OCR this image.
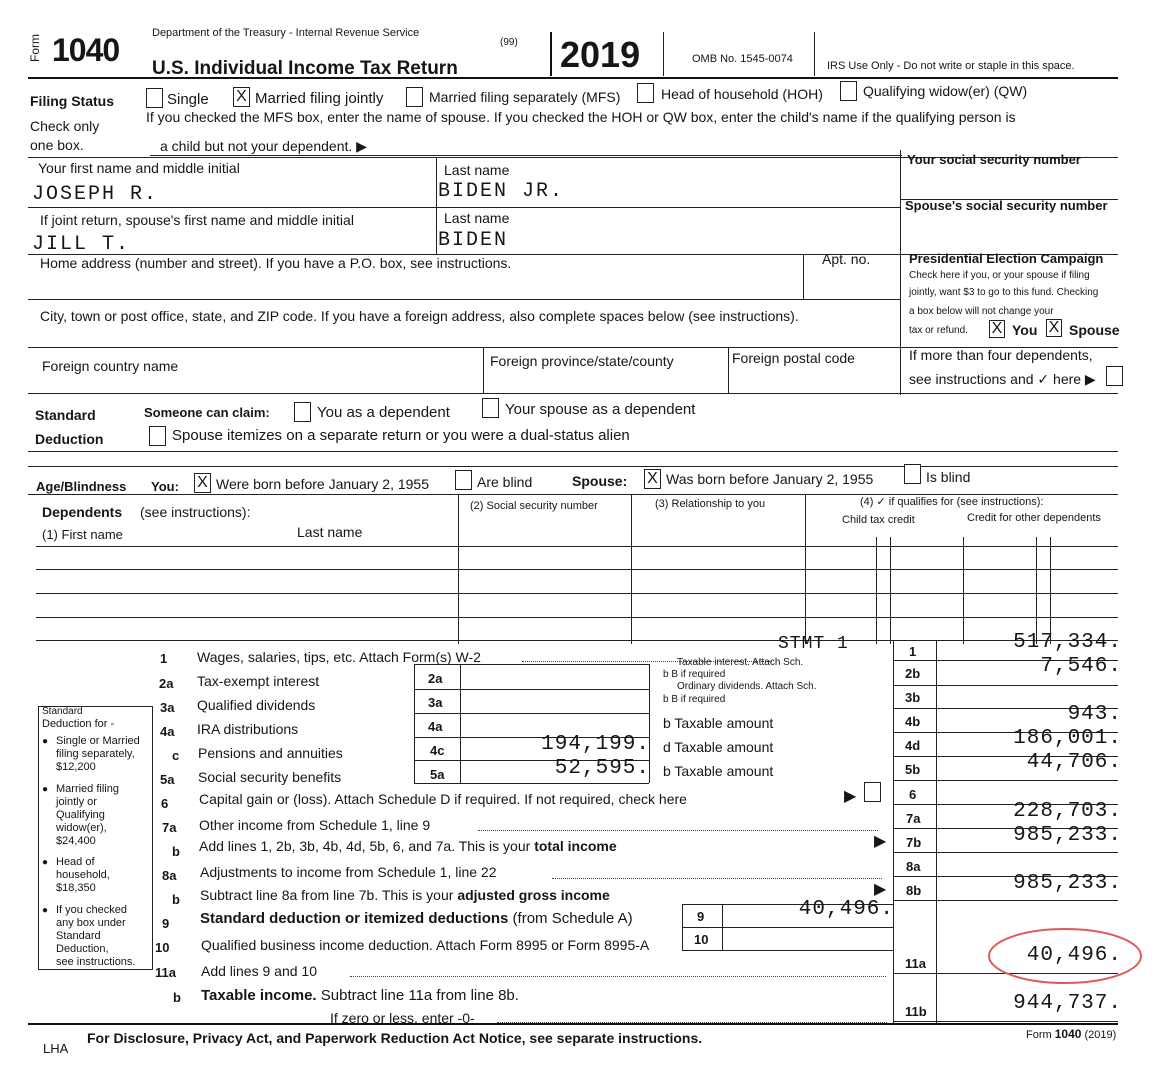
Form 1040	Department of the Treasury - Internal Revenue Service
(99)
U.S. Individual Income Tax Return	2019	OMB No. 1545-0074
IRS Use Only - Do not write or staple in this space.
Filing Status
Check only
one box.
Single X Married filing jointly	Married filing separately (MFS)	Head of household (HOH)	Qualifying widow(er) (QW)
If you checked the MFS box, enter the name of spouse. If you checked the HOH or QW box, enter the child's name if the qualifying person is
a child but not your dependent. ▶
Your first name and middle initial
JOSEPH R.
Last name
BIDEN JR.
Your social security number
If joint return, spouse's first name and middle initial
JILL T.
Last name
BIDEN
Spouse's social security number
Home address (number and street). If you have a P.O. box, see instructions.	Apt. no.
City, town or post office, state, and ZIP code. If you have a foreign address, also complete spaces below (see instructions).
Foreign country name	Foreign province/state/county	Foreign postal code
Presidential Election Campaign
Check here if you, or your spouse if filing
jointly, want $3 to go to this fund. Checking
a box below will not change your
tax or refund. X You X Spouse
If more than four dependents,
see instructions and ✓ here ▶
Standard
Deduction
Someone can claim:	You as a dependent	Your spouse as a dependent
Spouse itemizes on a separate return or you were a dual-status alien
Age/Blindness You: X Were born before January 2, 1955	Are blind	Spouse: X Was born before January 2, 1955	Is blind
Dependents (see instructions):
(1) First name	Last name
(2) Social security number	(3) Relationship to you	(4) ✓ if qualifies for (see instructions):
Child tax credit	Credit for other dependents
Standard
Deduction for -
● Single or Married
filing separately,
$12,200
● Married filing
jointly or
Qualifying
widow(er),
$24,400
● Head of
household,
$18,350
● If you checked
any box under
Standard
Deduction,
see instructions.
STMT 1
1 Wages, salaries, tips, etc. Attach Form(s) W-2	1	517,334.
2a Tax-exempt interest	2a
Taxable interest. Attach Sch.
b B if required	2b	7,546.
3a Qualified dividends	3a
Ordinary dividends. Attach Sch.
b B if required	3b
4a IRA distributions	4a	b Taxable amount	4b	943.
c Pensions and annuities	4c	194,199. d Taxable amount	4d	186,001.
5a Social security benefits	5a	52,595. b Taxable amount	5b	44,706.
6 Capital gain or (loss). Attach Schedule D if required. If not required, check here	▶	6
7a Other income from Schedule 1, line 9	7a	228,703.
b Add lines 1, 2b, 3b, 4b, 4d, 5b, 6, and 7a. This is your total income	▶ 7b	985,233.
8a Adjustments to income from Schedule 1, line 22	8a
b Subtract line 8a from line 7b. This is your adjusted gross income	▶ 8b	985,233.
9 Standard deduction or itemized deductions (from Schedule A)	9	40,496.
10 Qualified business income deduction. Attach Form 8995 or Form 8995-A	10
11a Add lines 9 and 10	11a	40,496.
b Taxable income. Subtract line 11a from line 8b.
If zero or less, enter -0-	11b	944,737.
LHA
For Disclosure, Privacy Act, and Paperwork Reduction Act Notice, see separate instructions.	Form 1040 (2019)
